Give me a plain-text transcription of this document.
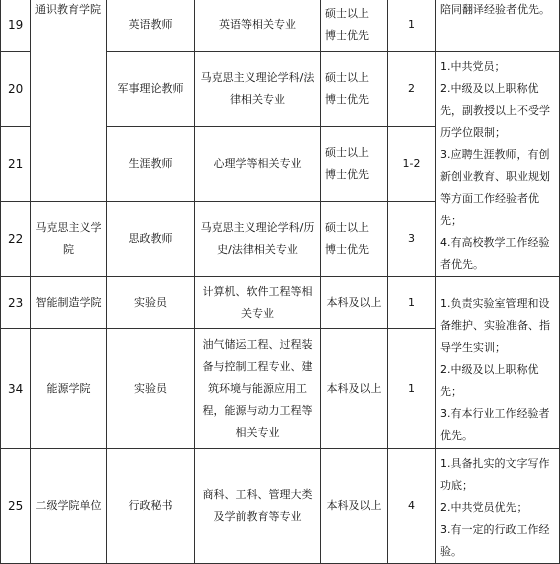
19	通识教育学院	英语教师	英语等相关专业	硕士以上 博士优先	1	陪同翻译经验者优先。
20		军事理论教师	马克思主义理论学科/法律相关专业	硕士以上 博士优先	2	1.中共党员；

2.中级及以上职称优先，副教授以上不受学历学位限制；

3.应聘生涯教师，有创新创业教育、职业规划等方面工作经验者优先；

4.有高校教学工作经验者优先。

21		生涯教师	心理学等相关专业	硕士以上 博士优先	1-2	
22	马克思主义学院	思政教师	马克思主义理论学科/历史/法律相关专业	硕士以上 博士优先	3	
23	智能制造学院	实验员	计算机、软件工程等相关专业	本科及以上	1	1.负责实验室管理和设备维护、实验准备、指导学生实训；

2.中级及以上职称优先；

3.有本行业工作经验者优先。

34	能源学院	实验员	油气储运工程、过程装备与控制工程专业、建筑环境与能源应用工程，能源与动力工程等相关专业	本科及以上	1	
25	二级学院单位	行政秘书	商科、工科、管理大类及学前教育等专业	本科及以上	4	1.具备扎实的文字写作功底；

2.中共党员优先；

3.有一定的行政工作经验。
